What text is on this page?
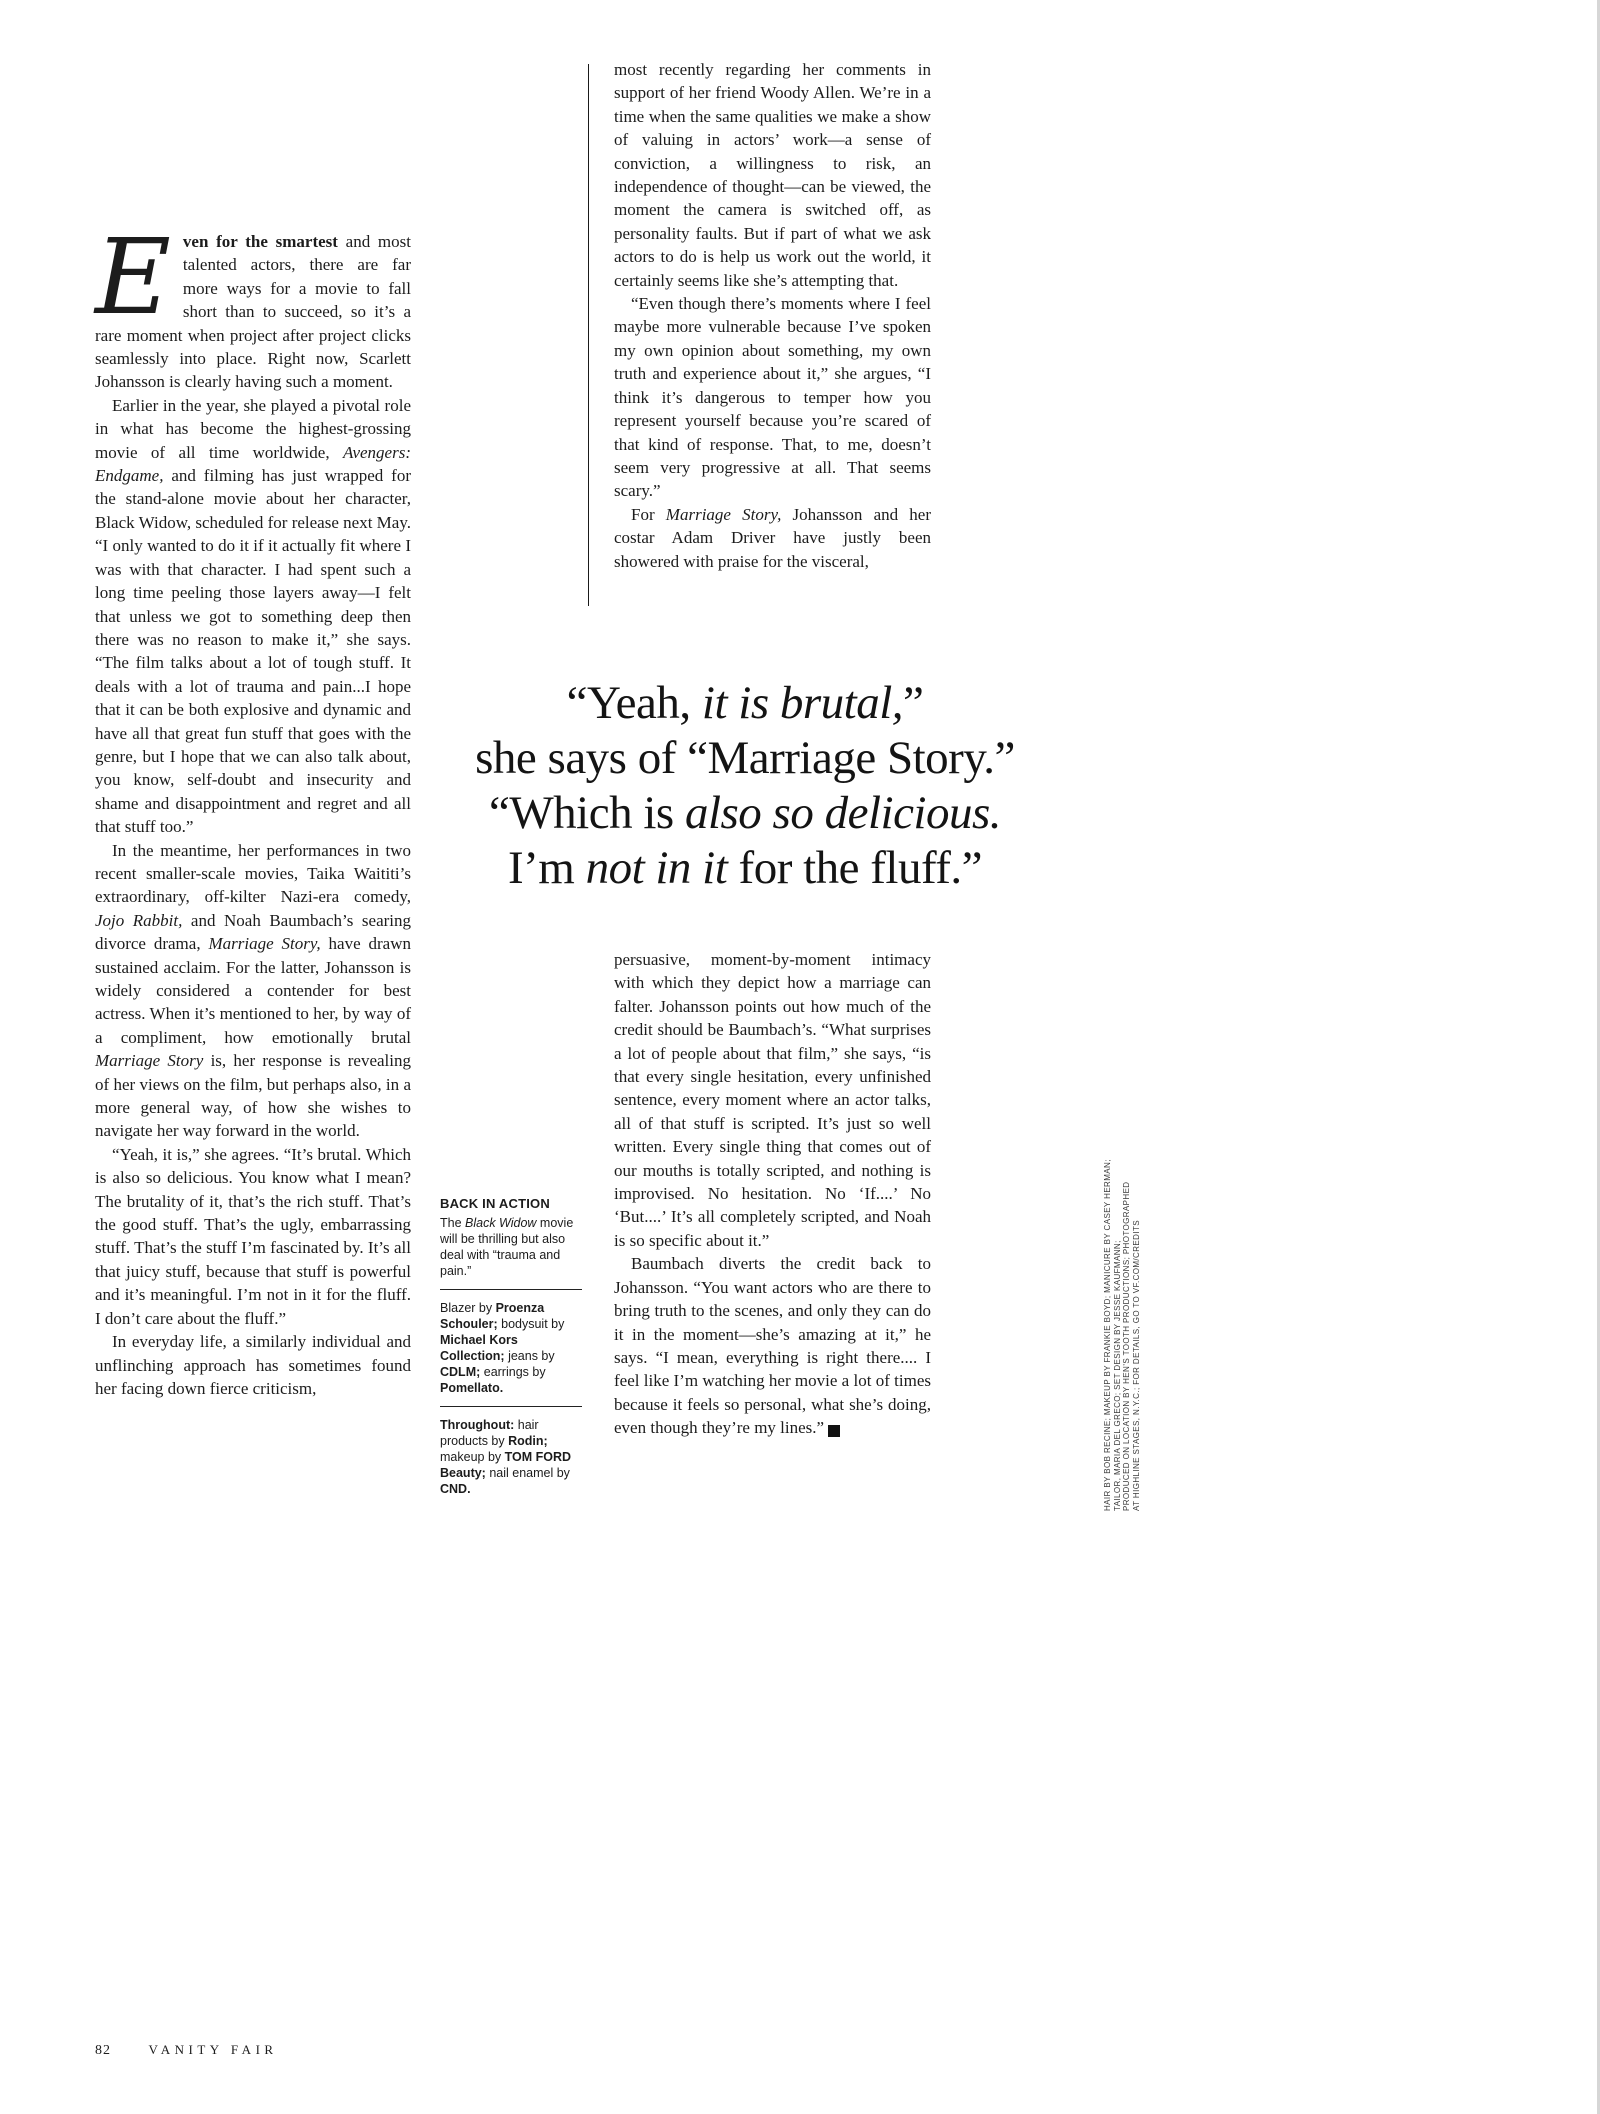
E ven for the smartest and most talented actors, there are far more ways for a movie to fall short than to succeed, so it’s a rare moment when project after project clicks seamlessly into place. Right now, Scarlett Johansson is clearly having such a moment.

Earlier in the year, she played a pivotal role in what has become the highest-grossing movie of all time worldwide, Avengers: Endgame, and filming has just wrapped for the stand-alone movie about her character, Black Widow, scheduled for release next May. “I only wanted to do it if it actually fit where I was with that character. I had spent such a long time peeling those layers away—I felt that unless we got to something deep then there was no reason to make it,” she says. “The film talks about a lot of tough stuff. It deals with a lot of trauma and pain...I hope that it can be both explosive and dynamic and have all that great fun stuff that goes with the genre, but I hope that we can also talk about, you know, self-doubt and insecurity and shame and disappointment and regret and all that stuff too.”

In the meantime, her performances in two recent smaller-scale movies, Taika Waititi’s extraordinary, off-kilter Nazi-era comedy, Jojo Rabbit, and Noah Baumbach’s searing divorce drama, Marriage Story, have drawn sustained acclaim. For the latter, Johansson is widely considered a contender for best actress. When it’s mentioned to her, by way of a compliment, how emotionally brutal Marriage Story is, her response is revealing of her views on the film, but perhaps also, in a more general way, of how she wishes to navigate her way forward in the world.

“Yeah, it is,” she agrees. “It’s brutal. Which is also so delicious. You know what I mean? The brutality of it, that’s the rich stuff. That’s the good stuff. That’s the ugly, embarrassing stuff. That’s the stuff I’m fascinated by. It’s all that juicy stuff, because that stuff is powerful and it’s meaningful. I’m not in it for the fluff. I don’t care about the fluff.”

In everyday life, a similarly individual and unflinching approach has sometimes found her facing down fierce criticism,

most recently regarding her comments in support of her friend Woody Allen. We’re in a time when the same qualities we make a show of valuing in actors’ work—a sense of conviction, a willingness to risk, an independence of thought—can be viewed, the moment the camera is switched off, as personality faults. But if part of what we ask actors to do is help us work out the world, it certainly seems like she’s attempting that.

“Even though there’s moments where I feel maybe more vulnerable because I’ve spoken my own opinion about something, my own truth and experience about it,” she argues, “I think it’s dangerous to temper how you represent yourself because you’re scared of that kind of response. That, to me, doesn’t seem very progressive at all. That seems scary.”

For Marriage Story, Johansson and her costar Adam Driver have justly been showered with praise for the visceral,

“Yeah, it is brutal,”
she says of “Marriage Story.”
“Which is also so delicious.
I’m not in it for the fluff.”

persuasive, moment-by-moment intimacy with which they depict how a marriage can falter. Johansson points out how much of the credit should be Baumbach’s. “What surprises a lot of people about that film,” she says, “is that every single hesitation, every unfinished sentence, every moment where an actor talks, all of that stuff is scripted. It’s just so well written. Every single thing that comes out of our mouths is totally scripted, and nothing is improvised. No hesitation. No ‘If....’ No ‘But....’ It’s all completely scripted, and Noah is so specific about it.”

Baumbach diverts the credit back to Johansson. “You want actors who are there to bring truth to the scenes, and only they can do it in the moment—she’s amazing at it,” he says. “I mean, everything is right there.... I feel like I’m watching her movie a lot of times because it feels so personal, what she’s doing, even though they’re my lines.” N

BACK IN ACTION
The Black Widow movie will be thrilling but also deal with “trauma and pain.”
Blazer by Proenza Schouler; bodysuit by Michael Kors Collection; jeans by CDLM; earrings by Pomellato.
Throughout: hair products by Rodin; makeup by TOM FORD Beauty; nail enamel by CND.	HAIR BY BOB RECINE; MAKEUP BY FRANKIE BOYD; MANICURE BY CASEY HERMAN; TAILOR, MARIA DEL GRECO; SET DESIGN BY JESSE KAUFMANN; PRODUCED ON LOCATION BY HEN’S TOOTH PRODUCTIONS; PHOTOGRAPHED AT HIGHLINE STAGES, N.Y.C.; FOR DETAILS, GO TO VF.COM/CREDITS
82	VANITY FAIR
